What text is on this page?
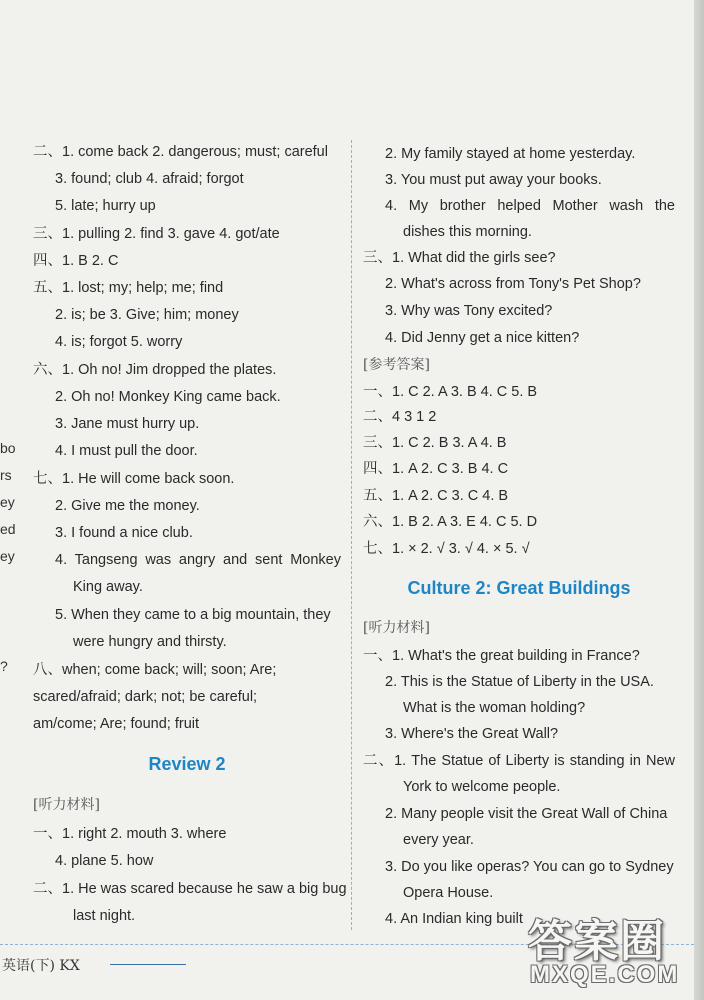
bo
rs
ey
ed
ey
?
二、1. come back 2. dangerous; must; careful
3. found; club 4. afraid; forgot
5. late; hurry up
三、1. pulling 2. find 3. gave 4. got/ate
四、1. B 2. C
五、1. lost; my; help; me; find
2. is; be 3. Give; him; money
4. is; forgot 5. worry
六、1. Oh no! Jim dropped the plates.
2. Oh no! Monkey King came back.
3. Jane must hurry up.
4. I must pull the door.
七、1. He will come back soon.
2. Give me the money.
3. I found a nice club.
4. Tangseng was angry and sent Monkey
King away.
5. When they came to a big mountain, they
were hungry and thirsty.
八、when; come back; will; soon; Are;
scared/afraid; dark; not; be careful;
am/come; Are; found; fruit
Review 2
[听力材料]
一、1. right 2. mouth 3. where
4. plane 5. how
二、1. He was scared because he saw a big bug
last night.
2. My family stayed at home yesterday.
3. You must put away your books.
4. My brother helped Mother wash the
dishes this morning.
三、1. What did the girls see?
2. What's across from Tony's Pet Shop?
3. Why was Tony excited?
4. Did Jenny get a nice kitten?
[参考答案]
一、1. C 2. A 3. B 4. C 5. B
二、4 3 1 2
三、1. C 2. B 3. A 4. B
四、1. A 2. C 3. B 4. C
五、1. A 2. C 3. C 4. B
六、1. B 2. A 3. E 4. C 5. D
七、1. × 2. √ 3. √ 4. × 5. √
Culture 2: Great Buildings
[听力材料]
一、1. What's the great building in France?
2. This is the Statue of Liberty in the USA.
What is the woman holding?
3. Where's the Great Wall?
二、1. The Statue of Liberty is standing in New
York to welcome people.
2. Many people visit the Great Wall of China
every year.
3. Do you like operas? You can go to Sydney
Opera House.
4. An Indian king built
英语(下) KX	答案圈
MXQE.COM
